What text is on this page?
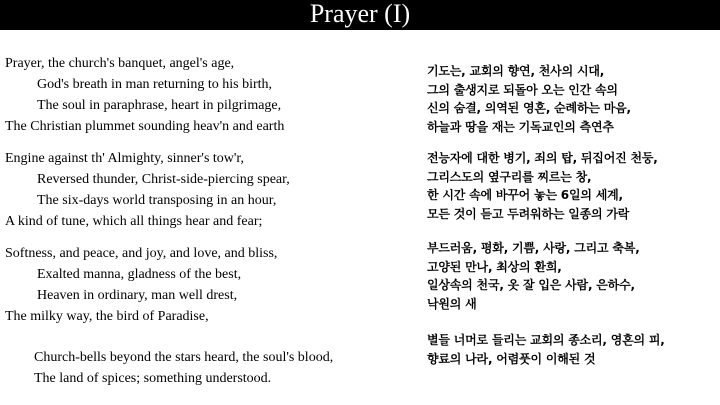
Prayer (I)
Prayer, the church's banquet, angel's age,
God's breath in man returning to his birth,
The soul in paraphrase, heart in pilgrimage,
The Christian plummet sounding heav'n and earth
Engine against th' Almighty, sinner's tow'r,
Reversed thunder, Christ-side-piercing spear,
The six-days world transposing in an hour,
A kind of tune, which all things hear and fear;
Softness, and peace, and joy, and love, and bliss,
Exalted manna, gladness of the best,
Heaven in ordinary, man well drest,
The milky way, the bird of Paradise,
Church-bells beyond the stars heard, the soul's blood,
The land of spices; something understood.
기도는, 교회의 향연, 천사의 시대,
그의 출생지로 되돌아 오는 인간 속의
신의 숨결, 의역된 영혼, 순례하는 마음,
하늘과 땅을 재는 기독교인의 측연추
전능자에 대한 병기, 죄의 탑, 뒤집어진 천둥,
그리스도의 옆구리를 찌르는 창,
한 시간 속에 바꾸어 놓는 6일의 세계,
모든 것이 듣고 두려워하는 일종의 가락
부드러움, 평화, 기쁨, 사랑, 그리고 축복,
고양된 만나, 최상의 환희,
일상속의 천국, 옷 잘 입은 사람, 은하수,
낙원의 새
별들 너머로 들리는 교회의 종소리, 영혼의 피,
향료의 나라, 어렴풋이 이해된 것
